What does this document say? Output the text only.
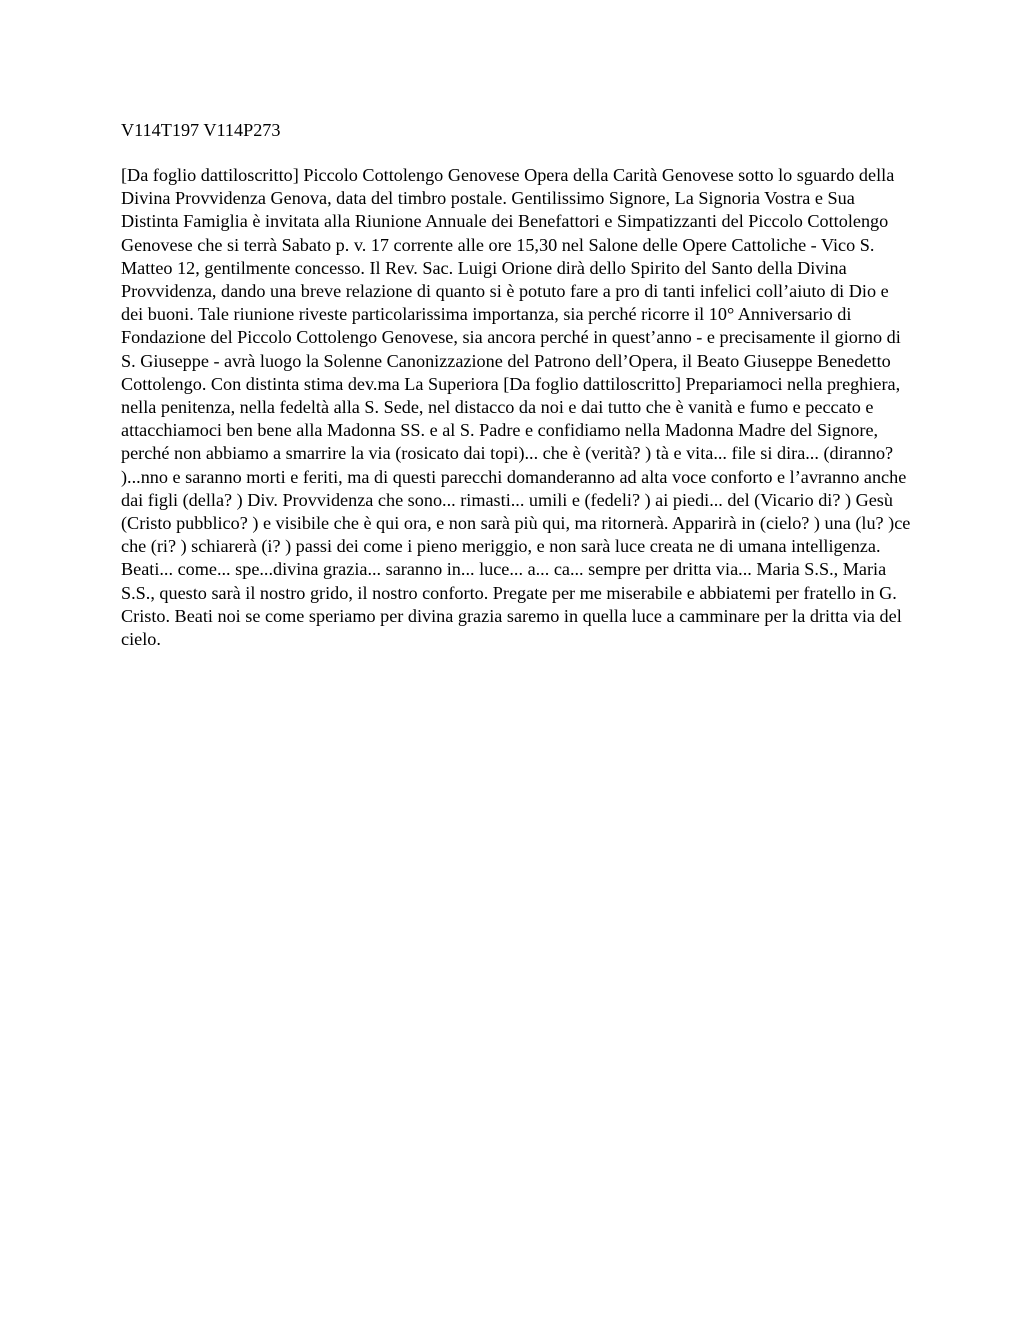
V114T197 V114P273

[Da foglio dattiloscritto] Piccolo Cottolengo Genovese Opera della Carità Genovese sotto lo sguardo della Divina Provvidenza Genova, data del timbro postale. Gentilissimo Signore, La Signoria Vostra e Sua Distinta Famiglia è invitata alla Riunione Annuale dei Benefattori e Simpatizzanti del Piccolo Cottolengo Genovese che si terrà Sabato p. v. 17 corrente alle ore 15,30 nel Salone delle Opere Cattoliche - Vico S. Matteo 12, gentilmente concesso. Il Rev. Sac. Luigi Orione dirà dello Spirito del Santo della Divina Provvidenza, dando una breve relazione di quanto si è potuto fare a pro di tanti infelici coll’aiuto di Dio e dei buoni. Tale riunione riveste particolarissima importanza, sia perché ricorre il 10° Anniversario di Fondazione del Piccolo Cottolengo Genovese, sia ancora perché in quest’anno - e precisamente il giorno di S. Giuseppe - avrà luogo la Solenne Canonizzazione del Patrono dell’Opera, il Beato Giuseppe Benedetto Cottolengo. Con distinta stima dev.ma La Superiora [Da foglio dattiloscritto] Prepariamoci nella preghiera, nella penitenza, nella fedeltà alla S. Sede, nel distacco da noi e dai tutto che è vanità e fumo e peccato e attacchiamoci ben bene alla Madonna SS. e al S. Padre e confidiamo nella Madonna Madre del Signore, perché non abbiamo a smarrire la via (rosicato dai topi)... che è (verità? ) tà e vita... file si dira... (diranno? )...nno e saranno morti e feriti, ma di questi parecchi domanderanno ad alta voce conforto e l’avranno anche dai figli (della? ) Div. Provvidenza che sono... rimasti... umili e (fedeli? ) ai piedi... del (Vicario di? ) Gesù (Cristo pubblico? ) e visibile che è qui ora, e non sarà più qui, ma ritornerà. Apparirà in (cielo? ) una (lu? )ce che (ri? ) schiarerà (i? ) passi dei come i pieno meriggio, e non sarà luce creata ne di umana intelligenza. Beati... come... spe...divina grazia... saranno in... luce... a... ca... sempre per dritta via... Maria S.S., Maria S.S., questo sarà il nostro grido, il nostro conforto. Pregate per me miserabile e abbiatemi per fratello in G. Cristo. Beati noi se come speriamo per divina grazia saremo in quella luce a camminare per la dritta via del cielo.
